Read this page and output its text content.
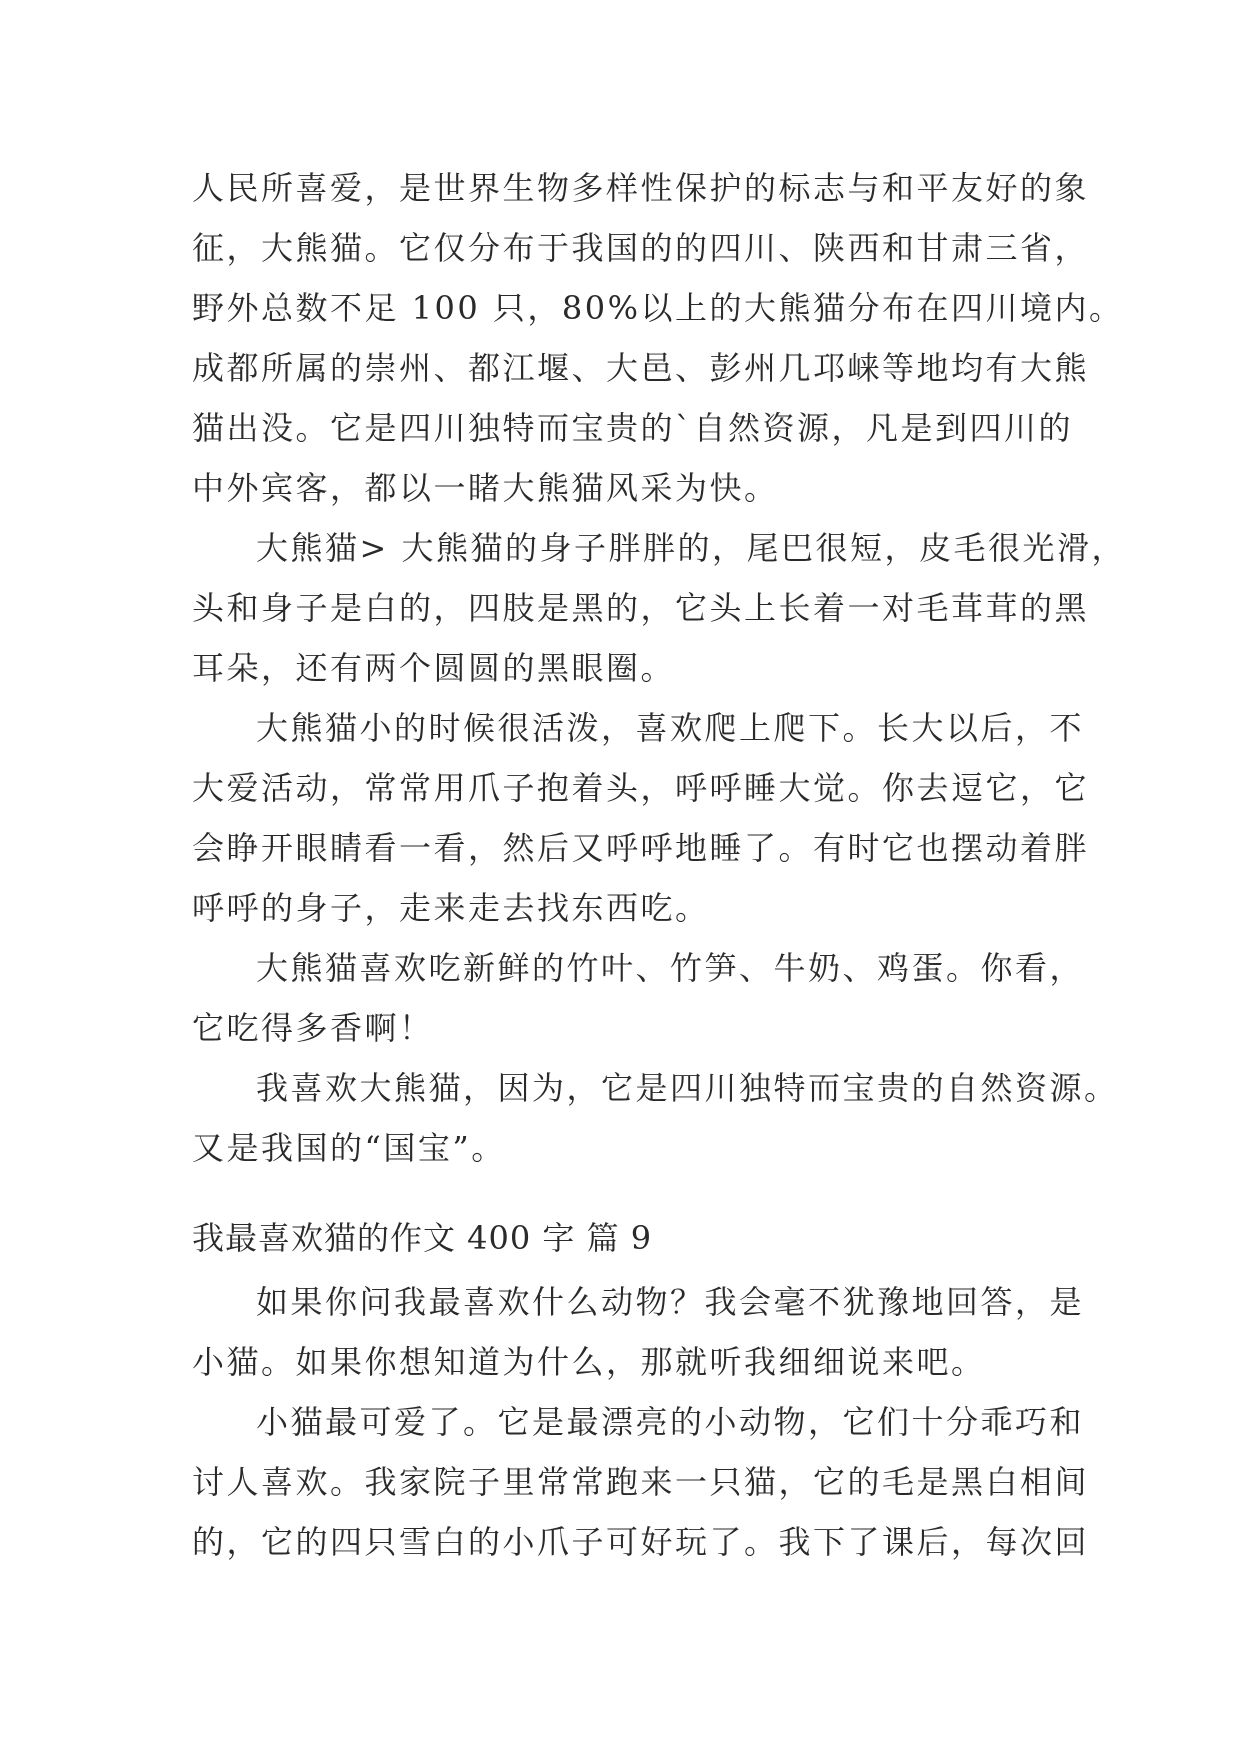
人民所喜爱，是世界生物多样性保护的标志与和平友好的象
征，大熊猫。它仅分布于我国的的四川、陕西和甘肃三省，
野外总数不足 100 只，80%以上的大熊猫分布在四川境内。
成都所属的崇州、都江堰、大邑、彭州几邛崃等地均有大熊
猫出没。它是四川独特而宝贵的`自然资源，凡是到四川的
中外宾客，都以一睹大熊猫风采为快。
大熊猫> 大熊猫的身子胖胖的，尾巴很短，皮毛很光滑，
头和身子是白的，四肢是黑的，它头上长着一对毛茸茸的黑
耳朵，还有两个圆圆的黑眼圈。
大熊猫小的时候很活泼，喜欢爬上爬下。长大以后，不
大爱活动，常常用爪子抱着头，呼呼睡大觉。你去逗它，它
会睁开眼睛看一看，然后又呼呼地睡了。有时它也摆动着胖
呼呼的身子，走来走去找东西吃。
大熊猫喜欢吃新鲜的竹叶、竹笋、牛奶、鸡蛋。你看，
它吃得多香啊！
我喜欢大熊猫，因为，它是四川独特而宝贵的自然资源。
又是我国的“国宝”。
我最喜欢猫的作文 400 字 篇 9
如果你问我最喜欢什么动物？我会毫不犹豫地回答，是
小猫。如果你想知道为什么，那就听我细细说来吧。
小猫最可爱了。它是最漂亮的小动物，它们十分乖巧和
讨人喜欢。我家院子里常常跑来一只猫，它的毛是黑白相间
的，它的四只雪白的小爪子可好玩了。我下了课后，每次回
